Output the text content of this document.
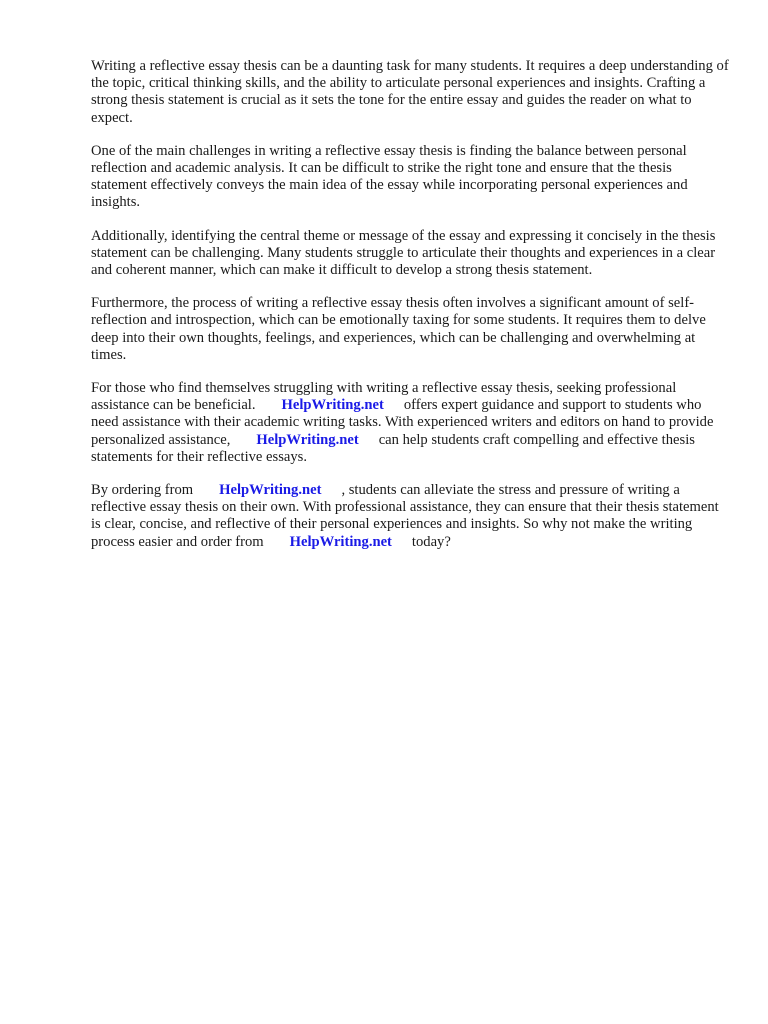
Writing a reflective essay thesis can be a daunting task for many students. It requires a deep understanding of the topic, critical thinking skills, and the ability to articulate personal experiences and insights. Crafting a strong thesis statement is crucial as it sets the tone for the entire essay and guides the reader on what to expect.

One of the main challenges in writing a reflective essay thesis is finding the balance between personal reflection and academic analysis. It can be difficult to strike the right tone and ensure that the thesis statement effectively conveys the main idea of the essay while incorporating personal experiences and insights.

Additionally, identifying the central theme or message of the essay and expressing it concisely in the thesis statement can be challenging. Many students struggle to articulate their thoughts and experiences in a clear and coherent manner, which can make it difficult to develop a strong thesis statement.

Furthermore, the process of writing a reflective essay thesis often involves a significant amount of self-reflection and introspection, which can be emotionally taxing for some students. It requires them to delve deep into their own thoughts, feelings, and experiences, which can be challenging and overwhelming at times.

For those who find themselves struggling with writing a reflective essay thesis, seeking professional assistance can be beneficial. HelpWriting.net offers expert guidance and support to students who need assistance with their academic writing tasks. With experienced writers and editors on hand to provide personalized assistance, HelpWriting.net can help students craft compelling and effective thesis statements for their reflective essays.

By ordering from HelpWriting.net , students can alleviate the stress and pressure of writing a reflective essay thesis on their own. With professional assistance, they can ensure that their thesis statement is clear, concise, and reflective of their personal experiences and insights. So why not make the writing process easier and order from HelpWriting.net today?
